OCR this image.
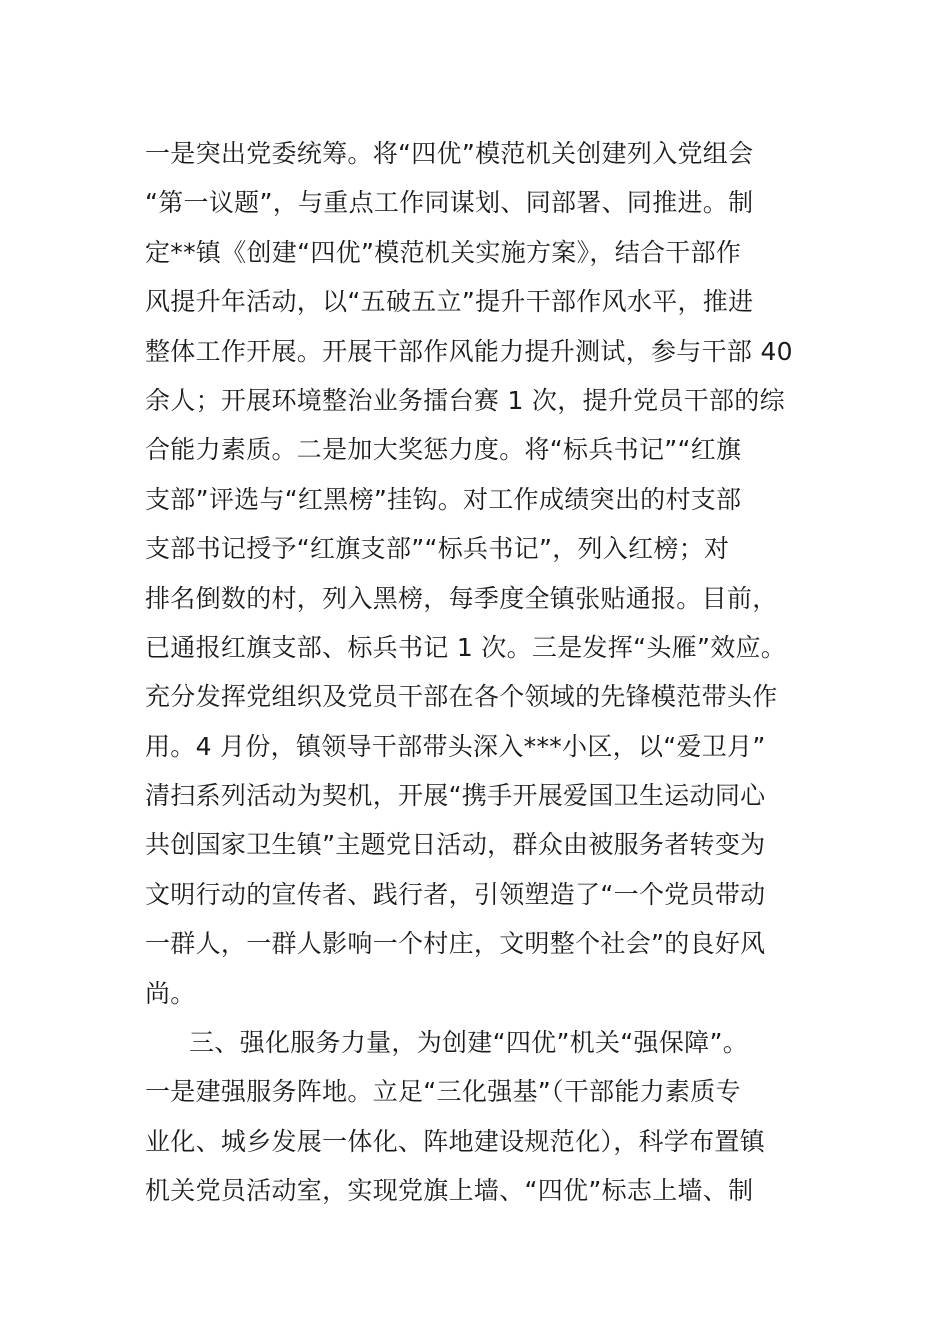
一是突出党委统筹。将“四优”模范机关创建列入党组会
“第一议题”，与重点工作同谋划、同部署、同推进。制
定**镇《创建“四优”模范机关实施方案》，结合干部作
风提升年活动，以“五破五立”提升干部作风水平，推进
整体工作开展。开展干部作风能力提升测试，参与干部 40
余人；开展环境整治业务擂台赛 1 次，提升党员干部的综
合能力素质。二是加大奖惩力度。将“标兵书记”“红旗
支部”评选与“红黑榜”挂钩。对工作成绩突出的村支部
支部书记授予“红旗支部”“标兵书记”，列入红榜；对
排名倒数的村，列入黑榜，每季度全镇张贴通报。目前，
已通报红旗支部、标兵书记 1 次。三是发挥“头雁”效应。
充分发挥党组织及党员干部在各个领域的先锋模范带头作
用。4 月份，镇领导干部带头深入***小区，以“爱卫月”
清扫系列活动为契机，开展“携手开展爱国卫生运动同心
共创国家卫生镇”主题党日活动，群众由被服务者转变为
文明行动的宣传者、践行者，引领塑造了“一个党员带动
一群人，一群人影响一个村庄，文明整个社会”的良好风
尚。
三、强化服务力量，为创建“四优”机关“强保障”。
一是建强服务阵地。立足“三化强基”（干部能力素质专
业化、城乡发展一体化、阵地建设规范化），科学布置镇
机关党员活动室，实现党旗上墙、“四优”标志上墙、制
